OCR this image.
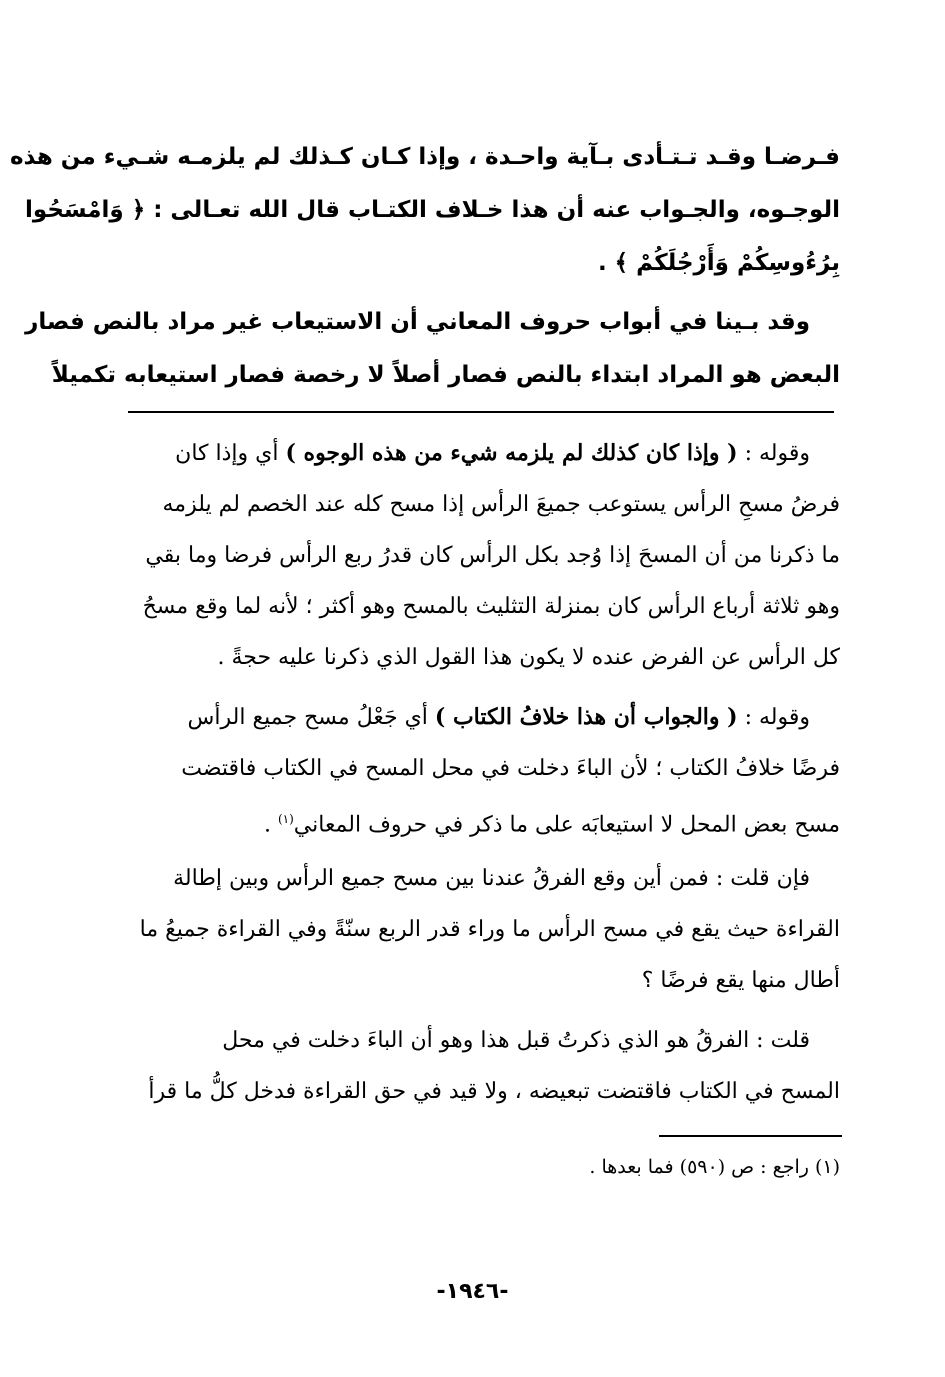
فـرضـا وقـد تـتـأدى بـآية واحـدة ، وإذا كـان كـذلك لم يلزمـه شـيء من هذه
الوجـوه، والجـواب عنه أن هذا خـلاف الكتـاب قال الله تعـالى : ﴿ وَامْسَحُوا
بِرُءُوسِكُمْ وَأَرْجُلَكُمْ ﴾ .
وقد بـينا في أبواب حروف المعاني أن الاستيعاب غير مراد بالنص فصار
البعض هو المراد ابتداء بالنص فصار أصلاً لا رخصة فصار استيعابه تكميلاً
وقوله : ( وإذا كان كذلك لم يلزمه شيء من هذه الوجوه ) أي وإذا كان
فرضُ مسحِ الرأس يستوعب جميعَ الرأس إذا مسح كله عند الخصم لم يلزمه
ما ذكرنا من أن المسحَ إذا وُجد بكل الرأس كان قدرُ ربع الرأس فرضا وما بقي
وهو ثلاثة أرباع الرأس كان بمنزلة التثليث بالمسح وهو أكثر ؛ لأنه لما وقع مسحُ
كل الرأس عن الفرض عنده لا يكون هذا القول الذي ذكرنا عليه حجةً .
وقوله : ( والجواب أن هذا خلافُ الكتاب ) أي جَعْلُ مسح جميع الرأس
فرضًا خلافُ الكتاب ؛ لأن الباءَ دخلت في محل المسح في الكتاب فاقتضت
مسح بعض المحل لا استيعابَه على ما ذكر في حروف المعاني$^{(١)}$ .
فإن قلت : فمن أين وقع الفرقُ عندنا بين مسح جميع الرأس وبين إطالة
القراءة حيث يقع في مسح الرأس ما وراء قدر الربع سنّةً وفي القراءة جميعُ ما
أطال منها يقع فرضًا ؟
قلت : الفرقُ هو الذي ذكرتُ قبل هذا وهو أن الباءَ دخلت في محل
المسح في الكتاب فاقتضت تبعيضه ، ولا قيد في حق القراءة فدخل كلُّ ما قرأ
(١) راجع : ص (٥٩٠) فما بعدها .
-١٩٤٦-
